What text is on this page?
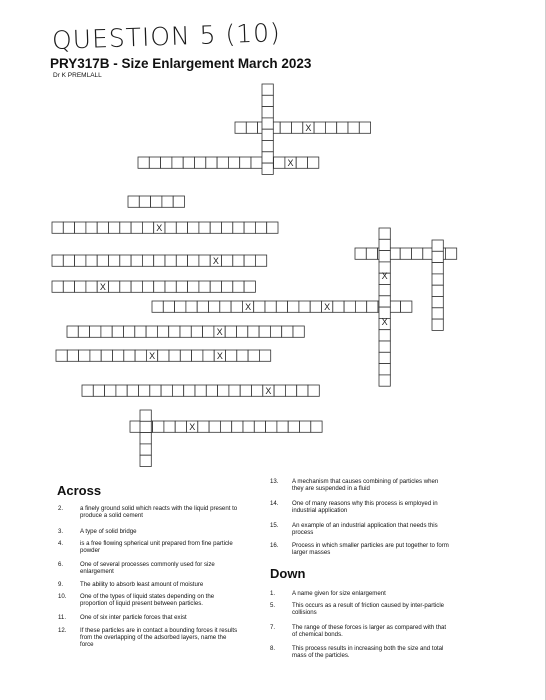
QUESTION 5 (10)
PRY317B - Size Enlargement March 2023
Dr K PREMLALL
X
X
X
X
X
X
X	X
X
X
X	X
X
X
Across
2.	a finely ground solid which reacts with the liquid present to produce a solid cement
3.	A type of solid bridge
4.	is a free flowing spherical unit prepared from fine particle powder
6.	One of several processes commonly used for size enlargement
9.	The ability to absorb least amount of moisture
10. One of the types of liquid states depending on the proportion of liquid present between particles.
11. One of six inter particle forces that exist
12. If these particles are in contact a bounding forces it results from the overlapping of the adsorbed layers, name the force
13. A mechanism that causes combining of particles when they are suspended in a fluid
14. One of many reasons why this process is employed in industrial application
15. An example of an industrial application that needs this process
16. Process in which smaller particles are put together to form larger masses
Down
1.	A name given for size enlargement
5.	This occurs as a result of friction caused by inter-particle collisions
7.	The range of these forces is larger as compared with that of chemical bonds.
8.	This process results in increasing both the size and total mass of the particles.
